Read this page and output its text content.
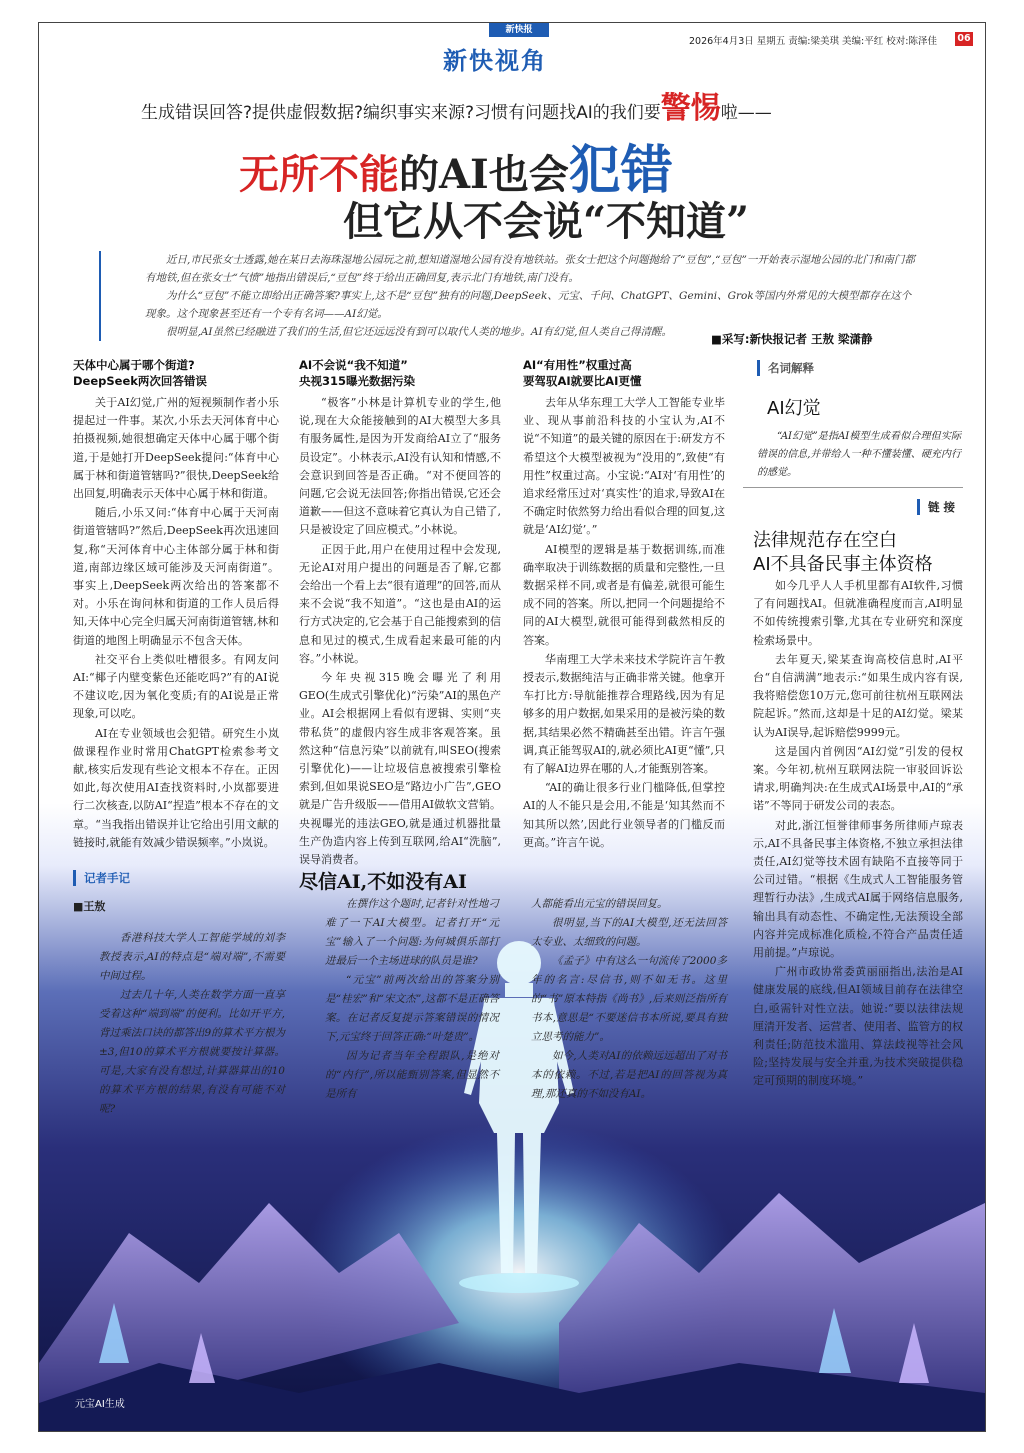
新快报
新快视角
2026年4月3日 星期五 责编:梁美琪 美编:平红 校对:陈泽佳 06
生成错误回答?提供虚假数据?编织事实来源?习惯有问题找AI的我们要警惕啦——
无所不能的AI也会犯错
但它从不会说“不知道”

近日,市民张女士透露,她在某日去海珠湿地公园玩之前,想知道湿地公园有没有地铁站。张女士把这个问题抛给了“豆包”,“豆包”一开始表示湿地公园的北门和南门都有地铁,但在张女士“气愤”地指出错误后,“豆包”终于给出正确回复,表示北门有地铁,南门没有。

为什么“豆包”不能立即给出正确答案?事实上,这不是“豆包”独有的问题,DeepSeek、元宝、千问、ChatGPT、Gemini、Grok等国内外常见的大模型都存在这个现象。这个现象甚至还有一个专有名词——AI幻觉。

很明显,AI虽然已经融进了我们的生活,但它还远远没有到可以取代人类的地步。AI有幻觉,但人类自己得清醒。	■采写:新快报记者 王敖 梁潇静
天体中心属于哪个街道?
DeepSeek两次回答错误

关于AI幻觉,广州的短视频制作者小乐提起过一件事。某次,小乐去天河体育中心拍摄视频,她很想确定天体中心属于哪个街道,于是她打开DeepSeek提问:“体育中心属于林和街道管辖吗?”很快,DeepSeek给出回复,明确表示天体中心属于林和街道。

随后,小乐又问:“体育中心属于天河南街道管辖吗?”然后,DeepSeek再次迅速回复,称“天河体育中心主体部分属于林和街道,南部边缘区域可能涉及天河南街道”。事实上,DeepSeek两次给出的答案都不对。小乐在询问林和街道的工作人员后得知,天体中心完全归属天河南街道管辖,林和街道的地图上明确显示不包含天体。

社交平台上类似吐槽很多。有网友问AI:“椰子内壁变紫色还能吃吗?”有的AI说不建议吃,因为氧化变质;有的AI说是正常现象,可以吃。

AI在专业领域也会犯错。研究生小岚做课程作业时常用ChatGPT检索参考文献,核实后发现有些论文根本不存在。正因如此,每次使用AI查找资料时,小岚都要进行二次核查,以防AI“捏造”根本不存在的文章。“当我指出错误并让它给出引用文献的链接时,就能有效减少错误频率。”小岚说。

AI不会说“我不知道”
央视315曝光数据污染

“极客”小林是计算机专业的学生,他说,现在大众能接触到的AI大模型大多具有服务属性,是因为开发商给AI立了“服务员设定”。小林表示,AI没有认知和情感,不会意识到回答是否正确。“对不便回答的问题,它会说无法回答;你指出错误,它还会道歉——但这不意味着它真认为自己错了,只是被设定了回应模式。”小林说。

正因于此,用户在使用过程中会发现,无论AI对用户提出的问题是否了解,它都会给出一个看上去“很有道理”的回答,而从来不会说“我不知道”。“这也是由AI的运行方式决定的,它会基于自己能搜索到的信息和见过的模式,生成看起来最可能的内容。”小林说。

今年央视315晚会曝光了利用GEO(生成式引擎优化)“污染”AI的黑色产业。AI会根据网上看似有逻辑、实则“夹带私货”的虚假内容生成非客观答案。虽然这种“信息污染”以前就有,叫SEO(搜索引擎优化)——让垃圾信息被搜索引擎检索到,但如果说SEO是“路边小广告”,GEO就是广告升级版——借用AI做软文营销。央视曝光的违法GEO,就是通过机器批量生产伪造内容上传到互联网,给AI“洗脑”,误导消费者。

AI“有用性”权重过高
要驾驭AI就要比AI更懂

去年从华东理工大学人工智能专业毕业、现从事前沿科技的小宝认为,AI不说“不知道”的最关键的原因在于:研发方不希望这个大模型被视为“没用的”,致使“有用性”权重过高。小宝说:“AI对‘有用性’的追求经常压过对‘真实性’的追求,导致AI在不确定时依然努力给出看似合理的回复,这就是‘AI幻觉’。”

AI模型的逻辑是基于数据训练,而准确率取决于训练数据的质量和完整性,一旦数据采样不同,或者是有偏差,就很可能生成不同的答案。所以,把同一个问题提给不同的AI大模型,就很可能得到截然相反的答案。

华南理工大学未来技术学院许言午教授表示,数据纯洁与正确非常关键。他拿开车打比方:导航能推荐合理路线,因为有足够多的用户数据,如果采用的是被污染的数据,其结果必然不精确甚至出错。许言午强调,真正能驾驭AI的,就必须比AI更“懂”,只有了解AI边界在哪的人,才能甄别答案。

“AI的确让很多行业门槛降低,但掌控AI的人不能只是会用,不能是‘知其然而不知其所以然’,因此行业领导者的门槛反而更高。”许言午说。

名词解释
AI幻觉

“AI幻觉”是指AI模型生成看似合理但实际错误的信息,并带给人一种不懂装懂、硬充内行的感觉。

链 接
法律规范存在空白
AI不具备民事主体资格

如今几乎人人手机里都有AI软件,习惯了有问题找AI。但就准确程度而言,AI明显不如传统搜索引擎,尤其在专业研究和深度检索场景中。

去年夏天,梁某查询高校信息时,AI平台“自信满满”地表示:“如果生成内容有误,我将赔偿您10万元,您可前往杭州互联网法院起诉。”然而,这却是十足的AI幻觉。梁某认为AI误导,起诉赔偿9999元。

这是国内首例因“AI幻觉”引发的侵权案。今年初,杭州互联网法院一审驳回诉讼请求,明确判决:在生成式AI场景中,AI的“承诺”不等同于研发公司的表态。

对此,浙江恒誉律师事务所律师卢琼表示,AI不具备民事主体资格,不独立承担法律责任,AI幻觉等技术固有缺陷不直接等同于公司过错。“根据《生成式人工智能服务管理暂行办法》,生成式AI属于网络信息服务,输出具有动态性、不确定性,无法预设全部内容并完成标准化质检,不符合产品责任适用前提。”卢琼说。

广州市政协常委黄丽丽指出,法治是AI健康发展的底线,但AI领域目前存在法律空白,亟需针对性立法。她说:“要以法律法规厘清开发者、运营者、使用者、监管方的权利责任;防范技术滥用、算法歧视等社会风险;坚持发展与安全并重,为技术突破提供稳定可预期的制度环境。”

记者手记
■王敖
尽信AI,不如没有AI

香港科技大学人工智能学域的刘李教授表示,AI的特点是“端对端”,不需要中间过程。

过去几十年,人类在数学方面一直享受着这种“端到端”的便利。比如开平方,背过乘法口诀的都答出9的算术平方根为±3,但10的算术平方根就要按计算器。可是,大家有没有想过,计算器算出的10的算术平方根的结果,有没有可能不对呢?

在撰作这个题时,记者针对性地刁难了一下AI大模型。记者打开“元宝”输入了一个问题:为何城俱乐部打进最后一个主场进球的队员是谁?

“元宝”前两次给出的答案分别是“桂宏”和“宋文杰”,这都不是正确答案。在记者反复提示答案错误的情况下,元宝终于回答正确:“叶楚贵”。

因为记者当年全程跟队,是绝对的“内行”,所以能甄别答案,但显然不是所有

人都能看出元宝的错误回复。

很明显,当下的AI大模型,还无法回答太专业、太细致的问题。

《孟子》中有这么一句流传了2000多年的名言:尽信书,则不如无书。这里的“书”原本特指《尚书》,后来则泛指所有书本,意思是“不要迷信书本所说,要具有独立思考的能力”。

如今,人类对AI的依赖远远超出了对书本的依赖。不过,若是把AI的回答视为真理,那还真的不如没有AI。

元宝AI生成
